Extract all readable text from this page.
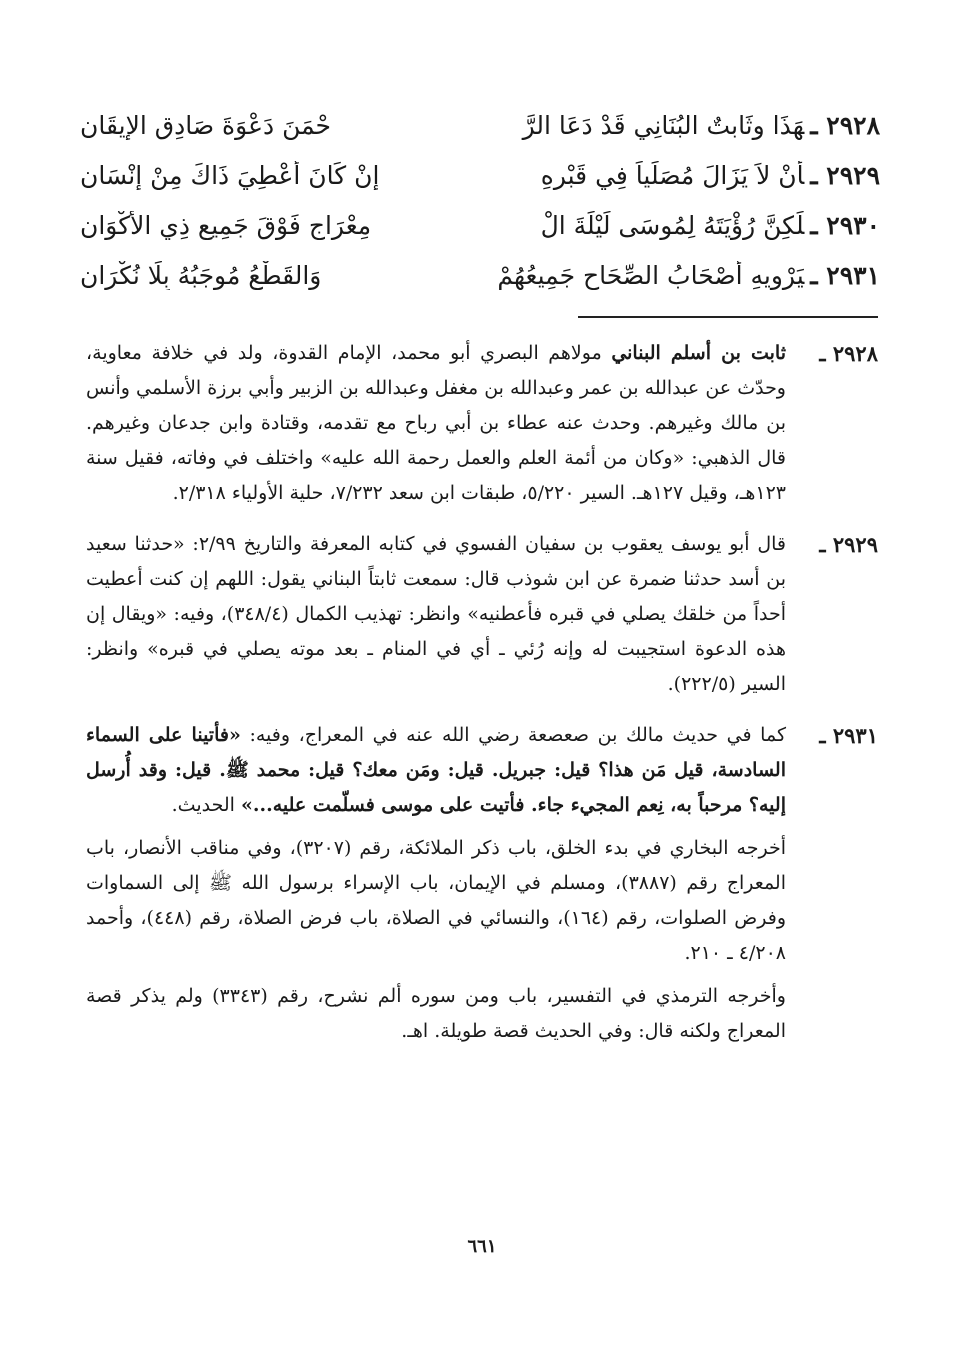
٢٩٢٨ ـهَذَا وثَابتٌ البُنَانِي قَدْ دَعَا الرَّ
حْمَنَ دَعْوَةَ صَادِقِ الإِيقَانِ
٢٩٢٩ ـأنْ لاَ يَزَالَ مُصَلِّياً فِي قَبْرِهِ
إنْ كَانَ أُعْطِيَ ذَاكَ مِنْ إنْسَانِ
٢٩٣٠ ـلَكِنَّ رُؤْيَتَهُ لِمُوسَى لَيْلَةَ الْ
مِعْرَاجِ فَوْقَ جَمِيعِ ذِي الأكْوَانِ
٢٩٣١ ـيَرْوِيهِ أصْحَابُ الصِّحَاحِ جَمِيعُهُمْ
وَالقَطْعُ مُوجَبُهُ بِلَا نُكْرَانِ
٢٩٢٨ ـ

ثابت بن أسلم البناني مولاهم البصري أبو محمد، الإمام القدوة، ولد في خلافة معاوية، وحدّث عن عبدالله بن عمر وعبدالله بن مغفل وعبدالله بن الزبير وأبي برزة الأسلمي وأنس بن مالك وغيرهم. وحدث عنه عطاء بن أبي رباح مع تقدمه، وقتادة وابن جدعان وغيرهم. قال الذهبي: «وكان من أئمة العلم والعمل رحمة الله عليه» واختلف في وفاته، فقيل سنة ١٢٣هـ، وقيل ١٢٧هـ. السير ٥/٢٢٠، طبقات ابن سعد ٧/٢٣٢، حلية الأولياء ٢/٣١٨.

٢٩٢٩ ـ

قال أبو يوسف يعقوب بن سفيان الفسوي في كتابه المعرفة والتاريخ ٢/٩٩: «حدثنا سعيد بن أسد حدثنا ضمرة عن ابن شوذب قال: سمعت ثابتاً البناني يقول: اللهم إن كنت أعطيت أحداً من خلقك يصلي في قبره فأعطنيه» وانظر: تهذيب الكمال (٣٤٨/٤)، وفيه: «ويقال إن هذه الدعوة استجيبت له وإنه رُئي ـ أي في المنام ـ بعد موته يصلي في قبره» وانظر: السير (٢٢٢/٥).

٢٩٣١ ـ

كما في حديث مالك بن صعصعة رضي الله عنه في المعراج، وفيه: «فأتينا على السماء السادسة، قيل مَن هذا؟ قيل: جبريل. قيل: ومَن معك؟ قيل: محمد ﷺ. قيل: وقد أُرسل إليه؟ مرحباً به، نِعم المجيء جاء. فأتيت على موسى فسلّمت عليه...» الحديث.

أخرجه البخاري في بدء الخلق، باب ذكر الملائكة، رقم (٣٢٠٧)، وفي مناقب الأنصار، باب المعراج رقم (٣٨٨٧)، ومسلم في الإيمان، باب الإسراء برسول الله ﷺ إلى السماوات وفرض الصلوات، رقم (١٦٤)، والنسائي في الصلاة، باب فرض الصلاة، رقم (٤٤٨)، وأحمد ٤/٢٠٨ ـ ٢١٠.

وأخرجه الترمذي في التفسير، باب ومن سوره ألم نشرح، رقم (٣٣٤٣) ولم يذكر قصة المعراج ولكنه قال: وفي الحديث قصة طويلة. اهـ.

٦٦١
